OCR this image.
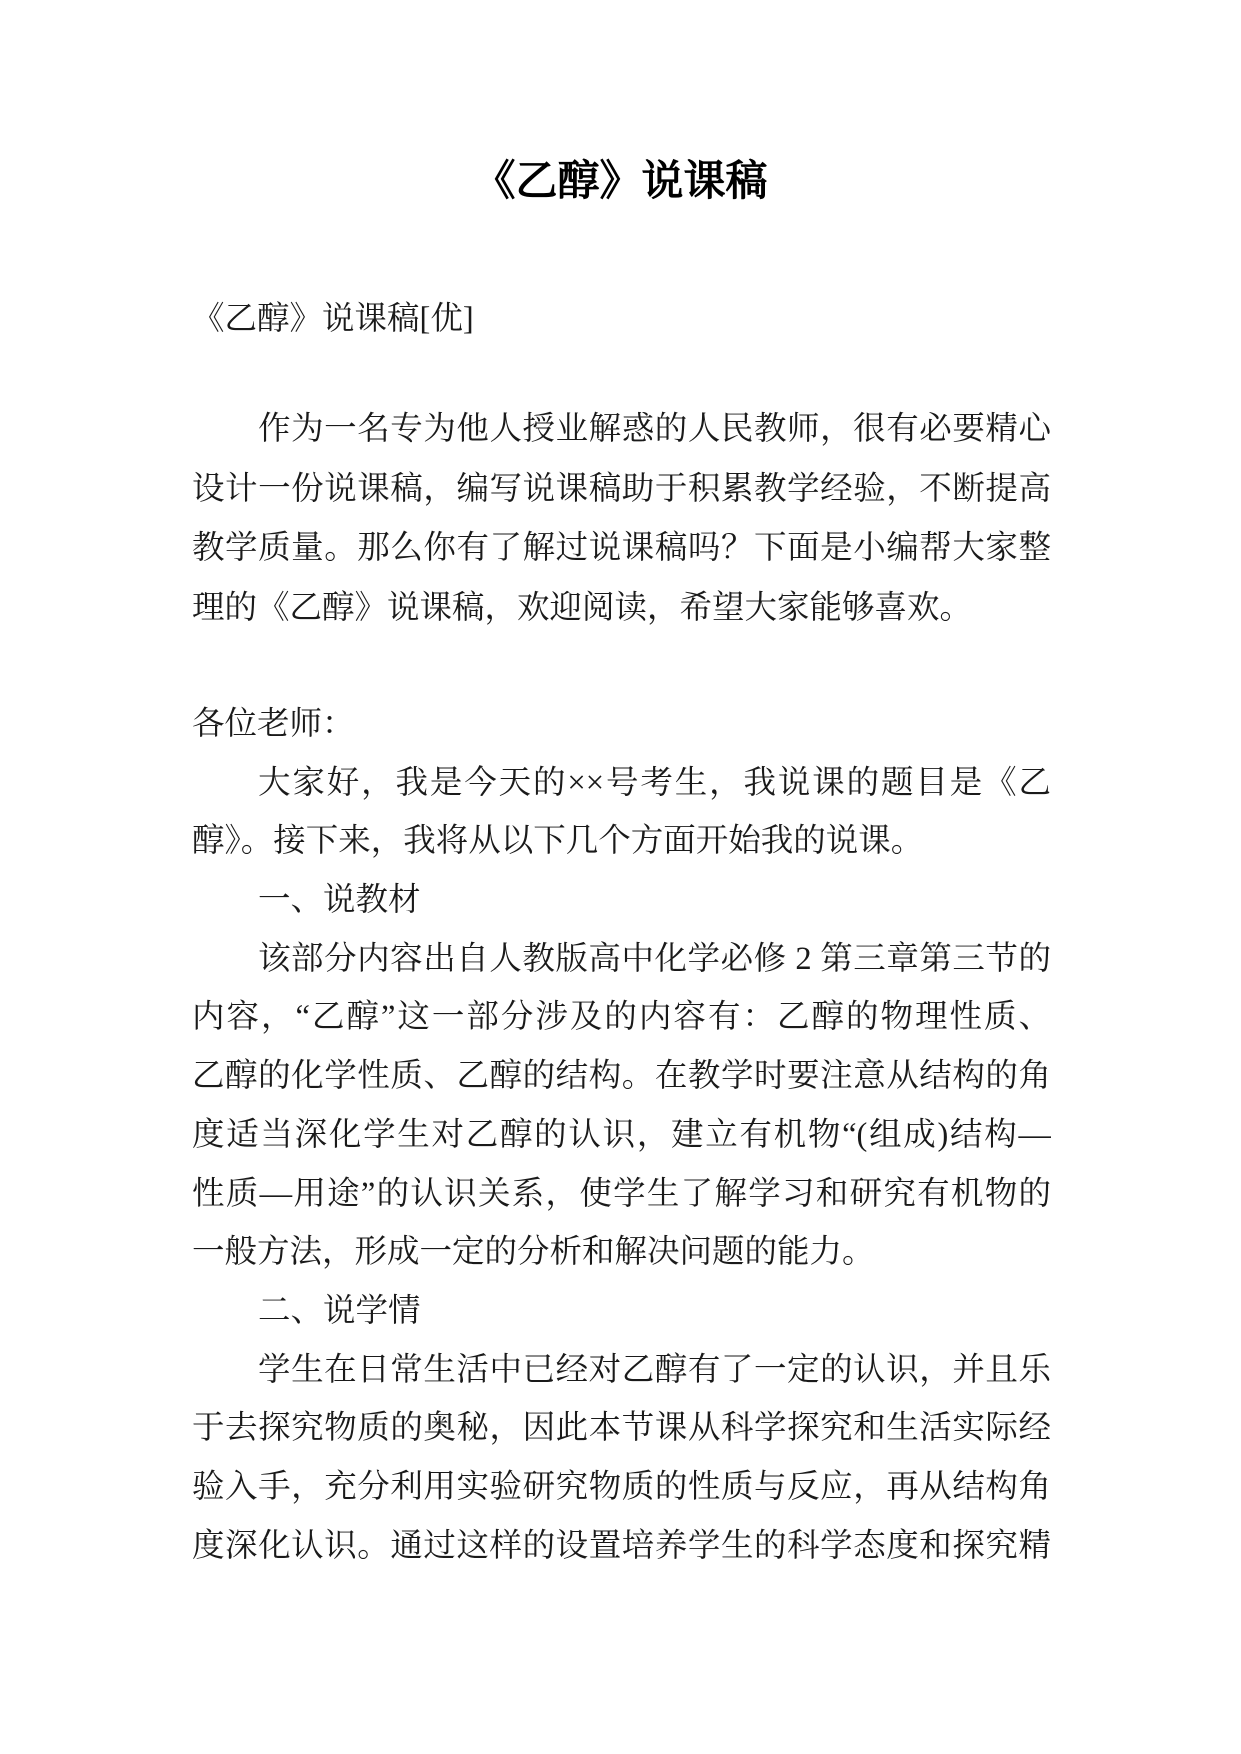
《乙醇》说课稿
《乙醇》说课稿[优]
作为一名专为他人授业解惑的人民教师，很有必要精心
设计一份说课稿，编写说课稿助于积累教学经验，不断提高
教学质量。那么你有了解过说课稿吗？下面是小编帮大家整
理的《乙醇》说课稿，欢迎阅读，希望大家能够喜欢。
各位老师：
大家好，我是今天的××号考生，我说课的题目是《乙
醇》。接下来，我将从以下几个方面开始我的说课。
一、说教材
该部分内容出自人教版高中化学必修 2 第三章第三节的
内容，“乙醇”这一部分涉及的内容有：乙醇的物理性质、
乙醇的化学性质、乙醇的结构。在教学时要注意从结构的角
度适当深化学生对乙醇的认识，建立有机物“(组成)结构—
性质—用途”的认识关系，使学生了解学习和研究有机物的
一般方法，形成一定的分析和解决问题的能力。
二、说学情
学生在日常生活中已经对乙醇有了一定的认识，并且乐
于去探究物质的奥秘，因此本节课从科学探究和生活实际经
验入手，充分利用实验研究物质的性质与反应，再从结构角
度深化认识。通过这样的设置培养学生的科学态度和探究精
